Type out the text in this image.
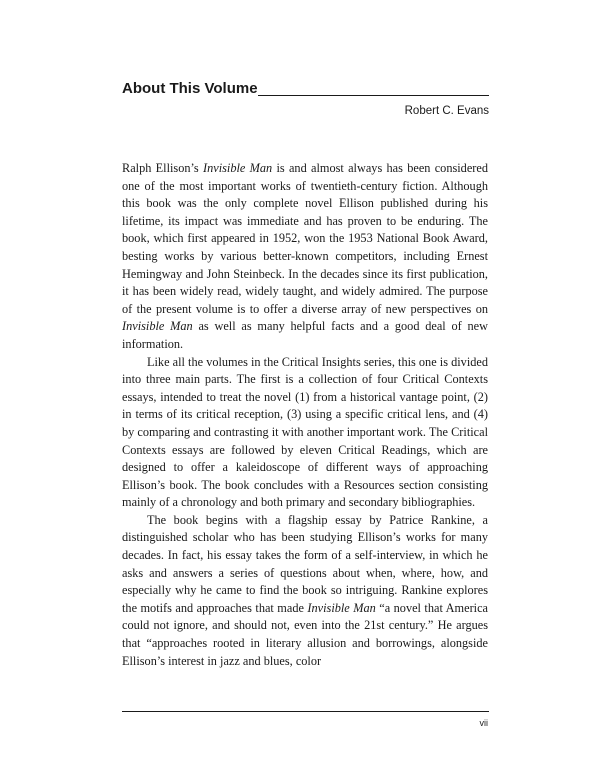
About This Volume
Robert C. Evans

Ralph Ellison’s Invisible Man is and almost always has been considered one of the most important works of twentieth-century fiction. Although this book was the only complete novel Ellison published during his lifetime, its impact was immediate and has proven to be enduring. The book, which first appeared in 1952, won the 1953 National Book Award, besting works by various better-known competitors, including Ernest Hemingway and John Steinbeck. In the decades since its first publication, it has been widely read, widely taught, and widely admired. The purpose of the present volume is to offer a diverse array of new perspectives on Invisible Man as well as many helpful facts and a good deal of new information.

Like all the volumes in the Critical Insights series, this one is divided into three main parts. The first is a collection of four Critical Contexts essays, intended to treat the novel (1) from a historical vantage point, (2) in terms of its critical reception, (3) using a specific critical lens, and (4) by comparing and contrasting it with another important work. The Critical Contexts essays are followed by eleven Critical Readings, which are designed to offer a kaleidoscope of different ways of approaching Ellison’s book. The book concludes with a Resources section consisting mainly of a chronology and both primary and secondary bibliographies.

The book begins with a flagship essay by Patrice Rankine, a distinguished scholar who has been studying Ellison’s works for many decades. In fact, his essay takes the form of a self-interview, in which he asks and answers a series of questions about when, where, how, and especially why he came to find the book so intriguing. Rankine explores the motifs and approaches that made Invisible Man “a novel that America could not ignore, and should not, even into the 21st century.” He argues that “approaches rooted in literary allusion and borrowings, alongside Ellison’s interest in jazz and blues, color

vii
